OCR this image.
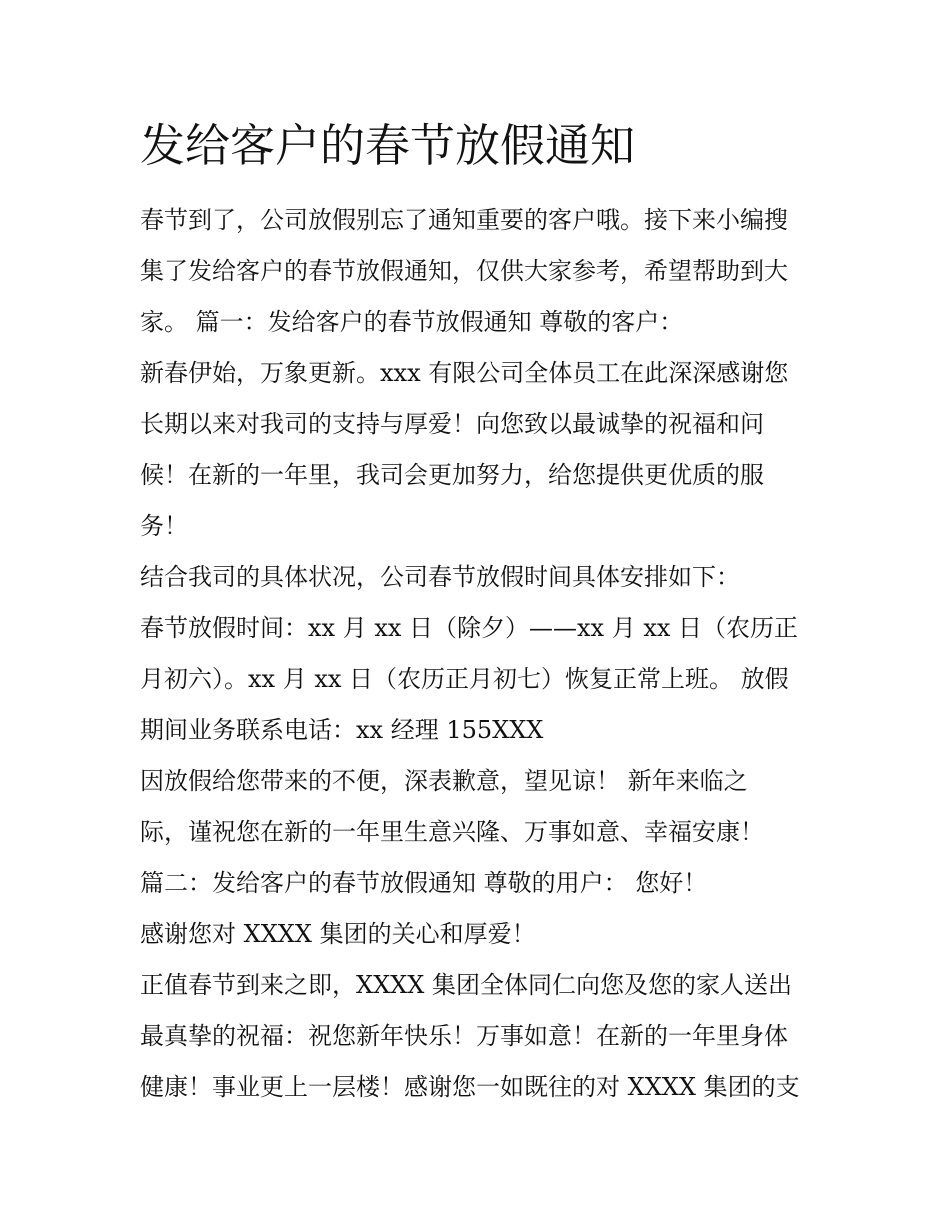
发给客户的春节放假通知
春节到了，公司放假别忘了通知重要的客户哦。接下来小编搜
集了发给客户的春节放假通知，仅供大家参考，希望帮助到大
家。 篇一：发给客户的春节放假通知 尊敬的客户：
新春伊始，万象更新。xxx 有限公司全体员工在此深深感谢您
长期以来对我司的支持与厚爱！向您致以最诚挚的祝福和问
候！在新的一年里，我司会更加努力，给您提供更优质的服
务！
结合我司的具体状况，公司春节放假时间具体安排如下：
春节放假时间：xx 月 xx 日（除夕）——xx 月 xx 日（农历正
月初六）。xx 月 xx 日（农历正月初七）恢复正常上班。 放假
期间业务联系电话：xx 经理 155XXX
因放假给您带来的不便，深表歉意，望见谅！ 新年来临之
际，谨祝您在新的一年里生意兴隆、万事如意、幸福安康！
篇二：发给客户的春节放假通知 尊敬的用户： 您好！
感谢您对 XXXX 集团的关心和厚爱！
正值春节到来之即，XXXX 集团全体同仁向您及您的家人送出
最真挚的祝福：祝您新年快乐！万事如意！在新的一年里身体
健康！事业更上一层楼！感谢您一如既往的对 XXXX 集团的支
